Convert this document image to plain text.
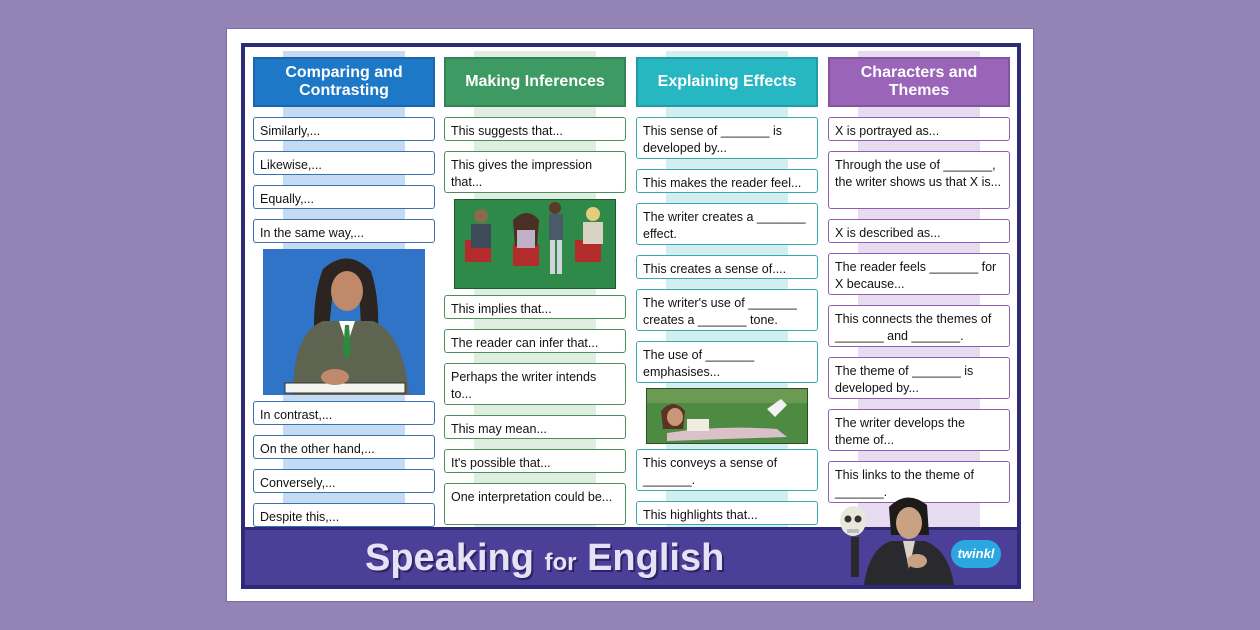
Comparing and Contrasting
Similarly,...
Likewise,...
Equally,...
In the same way,...
In contrast,...
On the other hand,...
Conversely,...
Despite this,...
Making Inferences
This suggests that...
This gives the impression that...
This implies that...
The reader can infer that...
Perhaps the writer intends to...
This may mean...
It's possible that...
One interpretation could be...
Explaining Effects
This sense of _______ is developed by...
This makes the reader feel...
The writer creates a _______ effect.
This creates a sense of....
The writer's use of _______ creates a _______ tone.
The use of _______ emphasises...
This conveys a sense of _______.
This highlights that...
Characters and Themes
X is portrayed as...
Through the use of _______, the writer shows us that X is...
X is described as...
The reader feels _______ for X because...
This connects the themes of _______ and _______.
The theme of _______ is developed by...
The writer develops the theme of...
This links to the theme of _______.
Speaking for English	twinkl
